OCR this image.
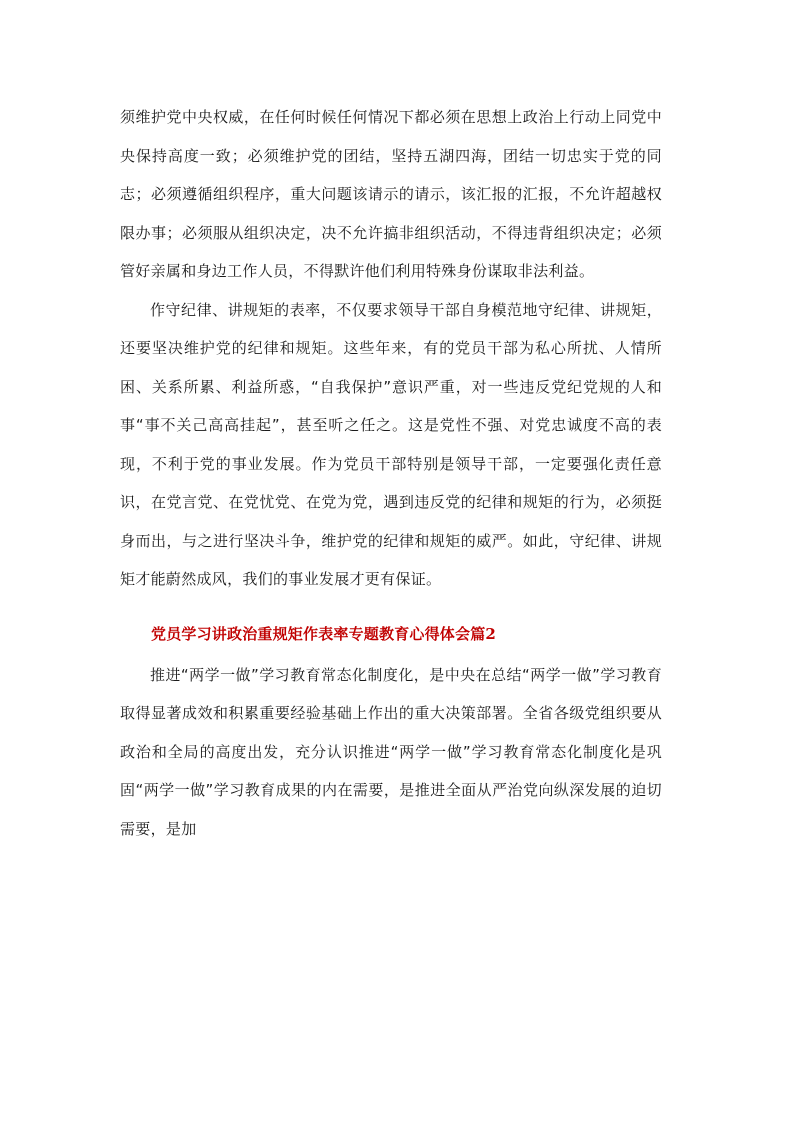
须维护党中央权威，在任何时候任何情况下都必须在思想上政治上行动上同党中央保持高度一致；必须维护党的团结，坚持五湖四海，团结一切忠实于党的同志；必须遵循组织程序，重大问题该请示的请示，该汇报的汇报，不允许超越权限办事；必须服从组织决定，决不允许搞非组织活动，不得违背组织决定；必须管好亲属和身边工作人员，不得默许他们利用特殊身份谋取非法利益。

作守纪律、讲规矩的表率，不仅要求领导干部自身模范地守纪律、讲规矩，还要坚决维护党的纪律和规矩。这些年来，有的党员干部为私心所扰、人情所困、关系所累、利益所惑，“自我保护”意识严重，对一些违反党纪党规的人和事“事不关己高高挂起”，甚至听之任之。这是党性不强、对党忠诚度不高的表现，不利于党的事业发展。作为党员干部特别是领导干部，一定要强化责任意识，在党言党、在党忧党、在党为党，遇到违反党的纪律和规矩的行为，必须挺身而出，与之进行坚决斗争，维护党的纪律和规矩的威严。如此，守纪律、讲规矩才能蔚然成风，我们的事业发展才更有保证。

党员学习讲政治重规矩作表率专题教育心得体会篇2

推进“两学一做”学习教育常态化制度化，是中央在总结“两学一做”学习教育取得显著成效和积累重要经验基础上作出的重大决策部署。全省各级党组织要从政治和全局的高度出发，充分认识推进“两学一做”学习教育常态化制度化是巩固“两学一做”学习教育成果的内在需要，是推进全面从严治党向纵深发展的迫切需要，是加
